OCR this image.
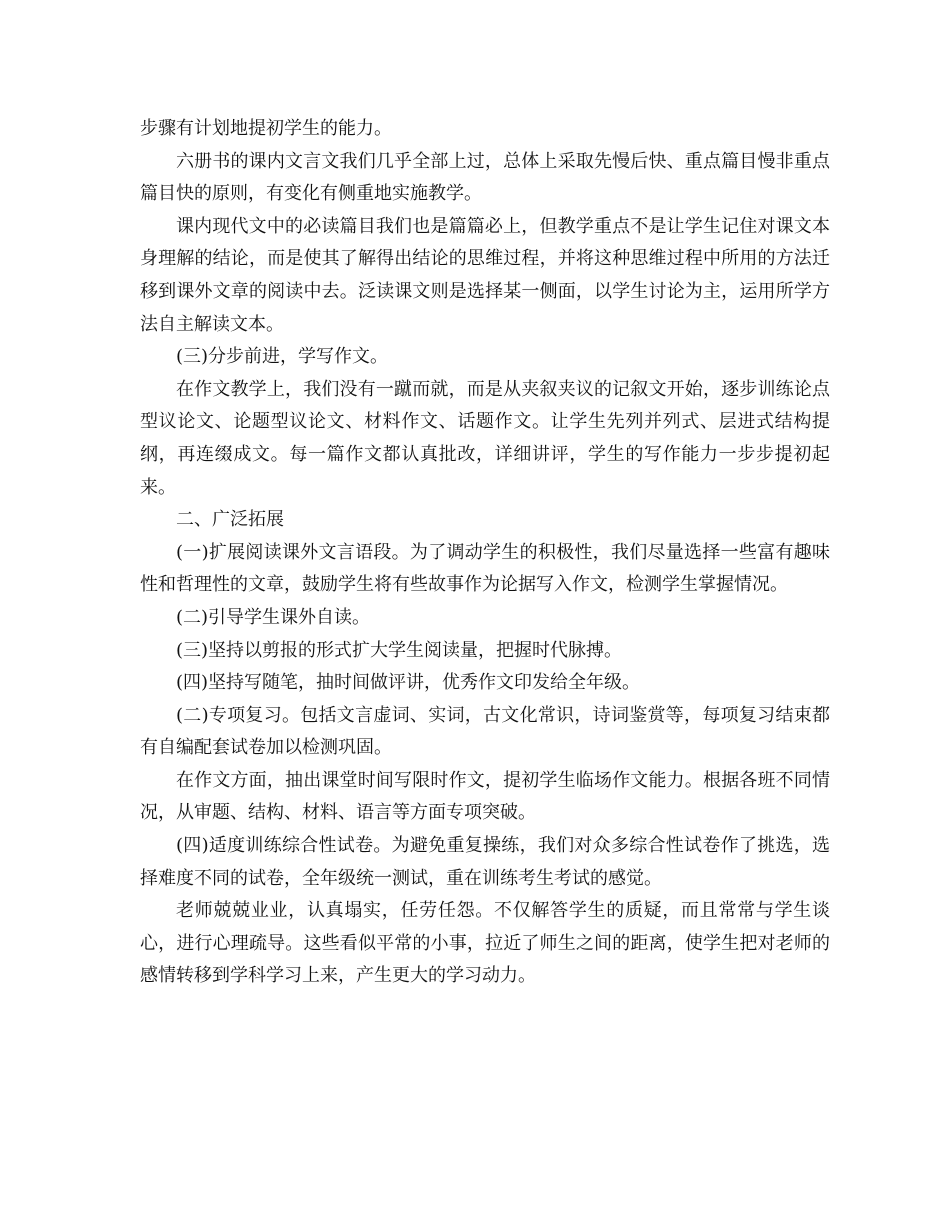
步骤有计划地提初学生的能力。

六册书的课内文言文我们几乎全部上过，总体上采取先慢后快、重点篇目慢非重点篇目快的原则，有变化有侧重地实施教学。

课内现代文中的必读篇目我们也是篇篇必上，但教学重点不是让学生记住对课文本身理解的结论，而是使其了解得出结论的思维过程，并将这种思维过程中所用的方法迁移到课外文章的阅读中去。泛读课文则是选择某一侧面，以学生讨论为主，运用所学方法自主解读文本。

(三)分步前进，学写作文。

在作文教学上，我们没有一蹴而就，而是从夹叙夹议的记叙文开始，逐步训练论点型议论文、论题型议论文、材料作文、话题作文。让学生先列并列式、层进式结构提纲，再连缀成文。每一篇作文都认真批改，详细讲评，学生的写作能力一步步提初起来。

二、广泛拓展

(一)扩展阅读课外文言语段。为了调动学生的积极性，我们尽量选择一些富有趣味性和哲理性的文章，鼓励学生将有些故事作为论据写入作文，检测学生掌握情况。

(二)引导学生课外自读。

(三)坚持以剪报的形式扩大学生阅读量，把握时代脉搏。

(四)坚持写随笔，抽时间做评讲，优秀作文印发给全年级。

(二)专项复习。包括文言虚词、实词，古文化常识，诗词鉴赏等，每项复习结束都有自编配套试卷加以检测巩固。

在作文方面，抽出课堂时间写限时作文，提初学生临场作文能力。根据各班不同情况，从审题、结构、材料、语言等方面专项突破。

(四)适度训练综合性试卷。为避免重复操练，我们对众多综合性试卷作了挑选，选择难度不同的试卷，全年级统一测试，重在训练考生考试的感觉。

老师兢兢业业，认真塌实，任劳任怨。不仅解答学生的质疑，而且常常与学生谈心，进行心理疏导。这些看似平常的小事，拉近了师生之间的距离，使学生把对老师的感情转移到学科学习上来，产生更大的学习动力。
